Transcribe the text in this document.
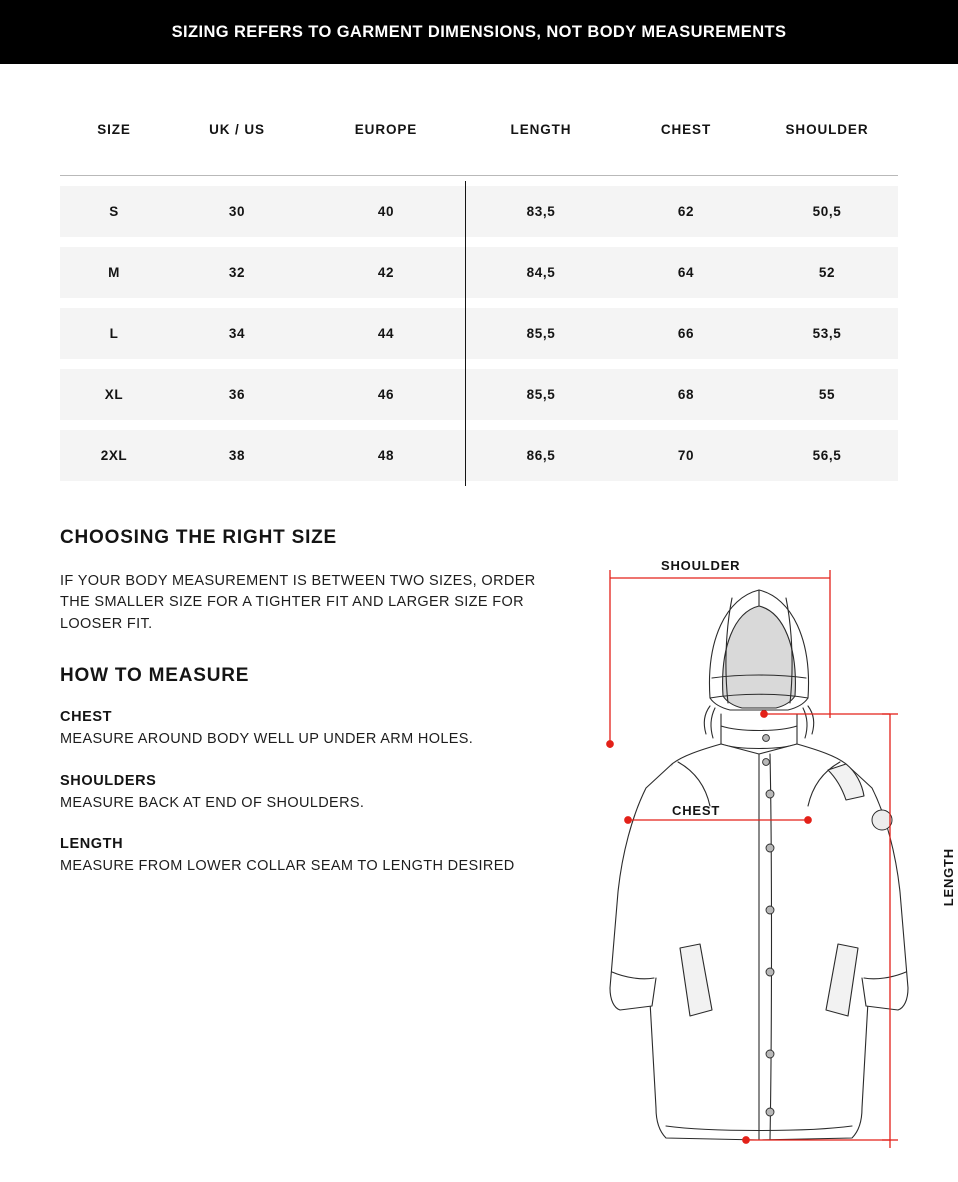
SIZING REFERS TO GARMENT DIMENSIONS, NOT BODY MEASUREMENTS
SIZE	UK / US	EUROPE	LENGTH	CHEST	SHOULDER

S	30	40	83,5	62	50,5

M	32	42	84,5	64	52

L	34	44	85,5	66	53,5

XL	36	46	85,5	68	55

2XL	38	48	86,5	70	56,5
CHOOSING THE RIGHT SIZE

IF YOUR BODY MEASUREMENT IS BETWEEN TWO SIZES, ORDER THE SMALLER SIZE FOR A TIGHTER FIT AND LARGER SIZE FOR LOOSER FIT.

HOW TO MEASURE
CHEST

MEASURE AROUND BODY WELL UP UNDER ARM HOLES.

SHOULDERS

MEASURE BACK AT END OF SHOULDERS.

LENGTH

MEASURE FROM LOWER COLLAR SEAM TO LENGTH DESIRED

SHOULDER
CHEST
LENGTH
